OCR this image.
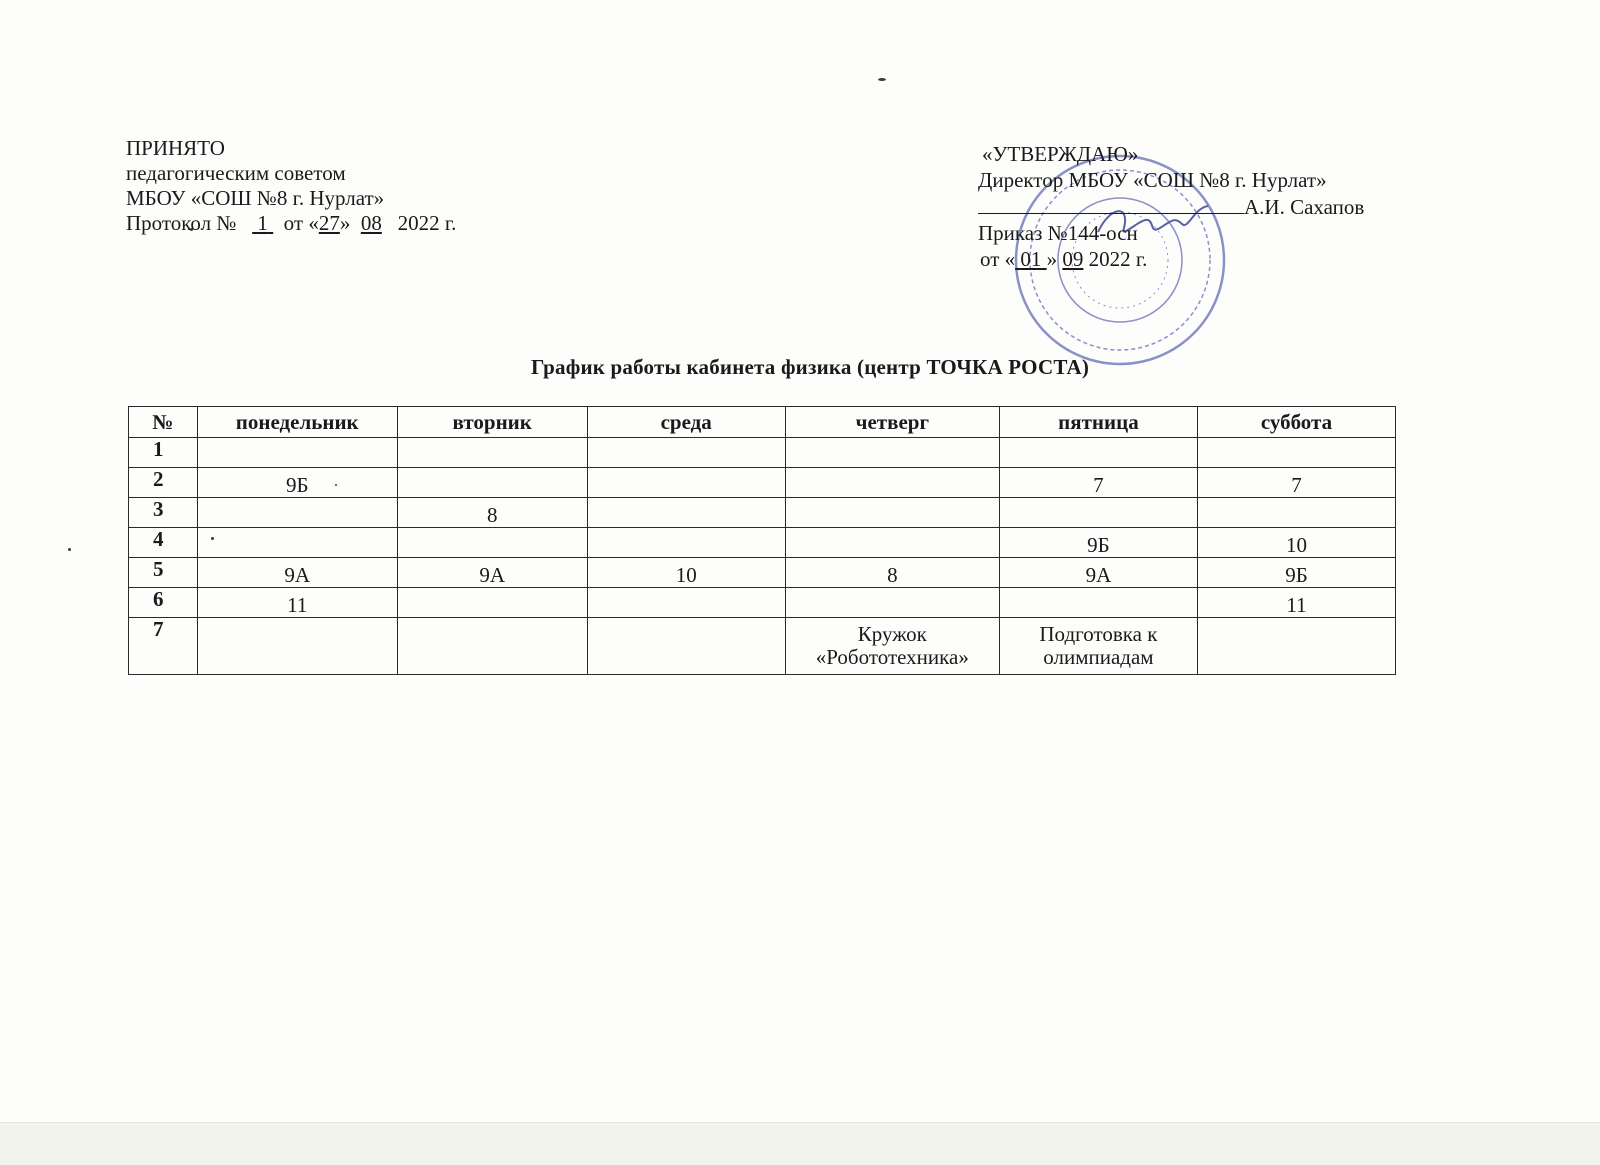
ПРИНЯТО
педагогическим советом
МБОУ «СОШ №8 г. Нурлат»
Протокол № 1 от «27» 08 2022 г.
«УТВЕРЖДАЮ»
Директор МБОУ «СОШ №8 г. Нурлат»
А.И. Сахапов
Приказ №144-осн
от « 01 » 09 2022 г.
График работы кабинета физика (центр ТОЧКА РОСТА)
№	понедельник	вторник	среда	четверг	пятница	суббота
1						
2	9Б				7	7
3		8				
4					9Б	10
5	9А	9А	10	8	9А	9Б
6	11					11
7				Кружок «Робототехника»	Подготовка к олимпиадам	
